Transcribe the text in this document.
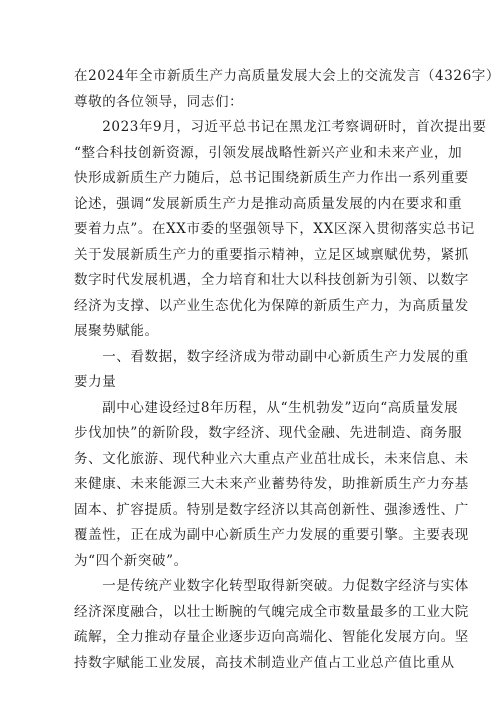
在2024年全市新质生产力高质量发展大会上的交流发言（4326字）
尊敬的各位领导，同志们：
　　2023年9月，习近平总书记在黑龙江考察调研时，首次提出要
“整合科技创新资源，引领发展战略性新兴产业和未来产业，加
快形成新质生产力随后，总书记围绕新质生产力作出一系列重要
论述，强调“发展新质生产力是推动高质量发展的内在要求和重
要着力点”。在XX市委的坚强领导下，XX区深入贯彻落实总书记
关于发展新质生产力的重要指示精神，立足区域禀赋优势，紧抓
数字时代发展机遇，全力培育和壮大以科技创新为引领、以数字
经济为支撑、以产业生态优化为保障的新质生产力，为高质量发
展聚势赋能。
　　一、看数据，数字经济成为带动副中心新质生产力发展的重
要力量
　　副中心建设经过8年历程，从“生机勃发”迈向“高质量发展
步伐加快”的新阶段，数字经济、现代金融、先进制造、商务服
务、文化旅游、现代种业六大重点产业茁壮成长，未来信息、未
来健康、未来能源三大未来产业蓄势待发，助推新质生产力夯基
固本、扩容提质。特别是数字经济以其高创新性、强渗透性、广
覆盖性，正在成为副中心新质生产力发展的重要引擎。主要表现
为“四个新突破”。
　　一是传统产业数字化转型取得新突破。力促数字经济与实体
经济深度融合，以壮士断腕的气魄完成全市数量最多的工业大院
疏解，全力推动存量企业逐步迈向高端化、智能化发展方向。坚
持数字赋能工业发展，高技术制造业产值占工业总产值比重从
